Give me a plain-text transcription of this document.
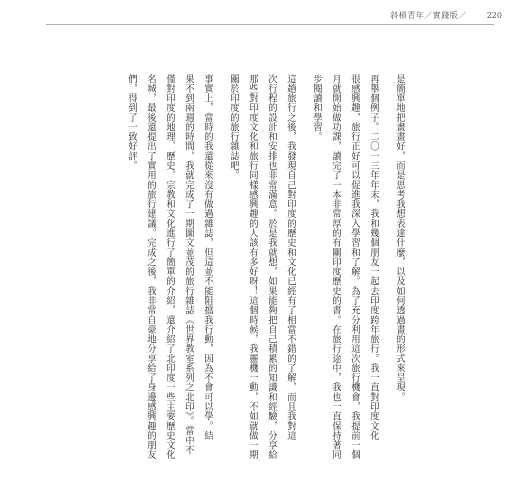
斜槓青年／實踐版／	220
是簡單地把畫畫好，而是思考我想表達什麼，以及如何透過畫的形式來呈現。
再舉個例子。二〇一三年年末，我和幾個朋友一起去印度跨年旅行。我一直對印度文化
很感興趣，旅行正好可以促進我深入學習和了解。為了充分利用這次旅行機會，我提前一個
月就開始做功課，讀完了一本非常厚的有關印度歷史的書。在旅行途中，我也一直保持著同
步閱讀和學習。
這趟旅行之後，我發現自己對印度的歷史和文化已經有了相當不錯的了解，而且我對這
次行程的設計和安排也非常滿意。於是我就想，如果能夠把自己積累的知識和經驗，分享給
那些對印度文化和旅行同樣感興趣的人該有多好呀！這個時候，我靈機一動，不如就做一期
關於印度的旅行雜誌吧。
事實上，當時的我還從來沒有做過雜誌，但這並不能阻擋我行動，因為不會可以學。結
果不到兩週的時間，我就完成了一期圖文並茂的旅行雜誌《世界教室系列之北印》。當中不
僅對印度的地理、歷史、宗教和文化進行了簡單的介紹，還介紹了北印度一些主要歷史文化
名城，最後還提出了實用的旅行建議。完成之後，我非常自豪地分享給了身邊感興趣的朋友
們，得到了一致好評。
